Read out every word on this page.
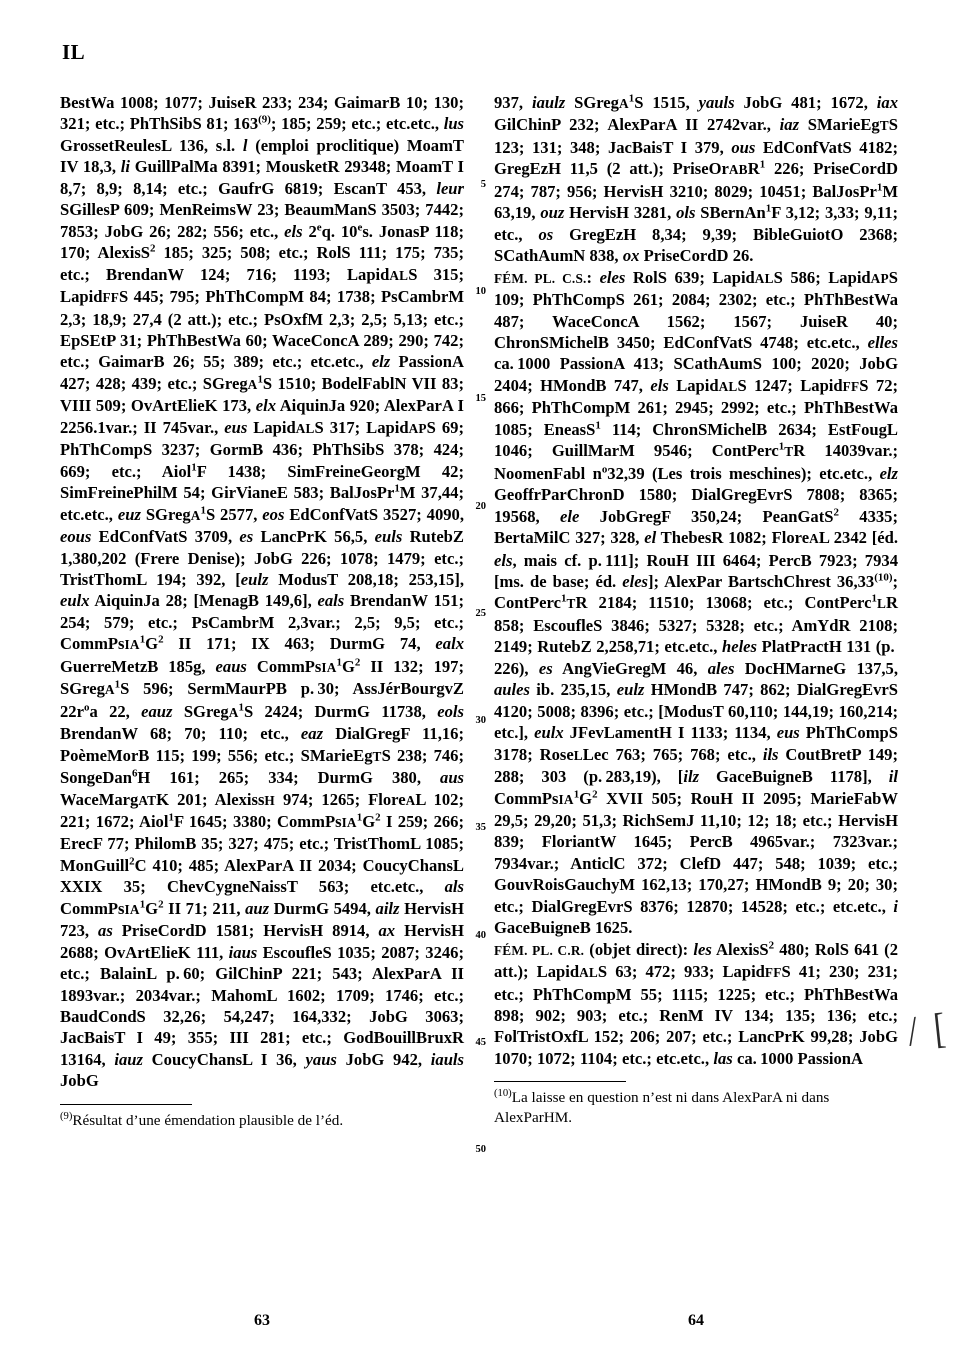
IL
5
10
15
20
25
30
35
40
45
50
BestWa 1008; 1077; JuiseR 233; 234; GaimarB 10; 130; 321; etc.; PhThSibS 81; 163$^{(9)}$; 185; 259; etc.; etc.etc., lus GrossetReulesL 136, s.l. l (emploi proclitique) MoamT IV 18,3, li GuillPalMa 8391; MousketR 29348; MoamT I 8,7; 8,9; 8,14; etc.; GaufrG 6819; EscanT 453, leur SGillesP 609; MenReimsW 23; BeaumManS 3503; 7442; 7853; JobG 26; 282; 556; etc., els 2eq. 10es. JonasP 118; 170; AlexisS$^2$ 185; 325; 508; etc.; RolS 111; 175; 735; etc.; BrendanW 124; 716; 1193; LapidALS 315; LapidFFS 445; 795; PhThCompM 84; 1738; PsCambrM 2,3; 18,9; 27,4 (2 att.); etc.; PsOxfM 2,3; 2,5; 5,13; etc.; EpSEtP 31; PhThBestWa 60; WaceConcA 289; 290; 742; etc.; GaimarB 26; 55; 389; etc.; etc.etc., elz PassionA 427; 428; 439; etc.; SGregA$^1$S 1510; BodelFablN VII 83; VIII 509; OvArtElieK 173, elx AiquinJa 920; AlexParA I 2256.1var.; II 745var., eus LapidALS 317; LapidAPS 69; PhThCompS 3237; GormB 436; PhThSibS 378; 424; 669; etc.; Aiol$^1$F 1438; SimFreineGeorgM 42; SimFreinePhilM 54; GirVianeE 583; BalJosPr$^1$M 37,44; etc.etc., euz SGregA$^1$S 2577, eos EdConfVatS 3527; 4090, eous EdConfVatS 3709, es LancPrK 56,5, euls RutebZ 1,380,202 (Frere Denise); JobG 226; 1078; 1479; etc.; TristThomL 194; 392, [eulz ModusT 208,18; 253,15], eulx AiquinJa 28; [MenagB 149,6], eals BrendanW 151; 254; 579; etc.; PsCambrM 2,3var.; 2,5; 9,5; etc.; $CommPsIA^1G^2$ II 171; IX 463; DurmG 74, ealx GuerreMetzB 185g, eaus $CommPsIA^1G^2$ II 132; 197; SGregA$^1$S 596; SermMaurPB p. 30; AssJérBourgvZ $22r^oa$ 22, eauz SGregA$^1$S 2424; DurmG 11738, eols BrendanW 68; 70; 110; etc., eaz DialGregF 11,16; PoèmeMorB 115; 199; 556; etc.; SMarieEgTS 238; 746; SongeDan$^6$H 161; 265; 334; DurmG 380, aus WaceMargATK 201; AlexissH 974; 1265; FloreAL 102; 221; 1672; Aiol$^1$F 1645; 3380; $CommPsIA^1G^2$ I 259; 266; ErecF 77; PhilomB 35; 327; 475; etc.; TristThomL 1085; MonGuill$^2$C 410; 485; AlexParA II 2034; CoucyChansL XXIX 35; ChevCygneNaissT 563; etc.etc., als $CommPsIA^1G^2$ II 71; 211, auz DurmG 5494, ailz HervisH 723, as PriseCordD 1581; HervisH 8914, ax HervisH 2688; OvArtElieK 111, iaus EscoufleS 1035; 2087; 3246; etc.; BalainL p. 60; GilChinP 221; 543; AlexParA II 1893var.; 2034var.; MahomL 1602; 1709; 1746; etc.; BaudCondS 32,26; 54,247; 164,332; JobG 3063; JacBaisT I 49; 355; III 281; etc.; GodBouillBruxR 13164, iauz CoucyChansL I 36, yaus JobG 942, iauls JobG
$^{(9)}$Résultat d’une émendation plausible de l’éd.
937, iaulz SGregA$^1$S 1515, yauls JobG 481; 1672, iax GilChinP 232; AlexParA II 2742var., iaz SMarieEgTS 123; 131; 348; JacBaisT I 379, ous EdConfVatS 4182; GregEzH 11,5 (2 att.); PriseOrABR$^1$ 226; PriseCordD 274; 787; 956; HervisH 3210; 8029; 10451; BalJosPr$^1$M 63,19, ouz HervisH 3281, ols SBernAn$^1$F 3,12; 3,33; 9,11; etc., os GregEzH 8,34; 9,39; BibleGuiotO 2368; SCathAumN 838, ox PriseCordD 26.
FÉM. PL. C.S.: eles RolS 639; LapidALS 586; LapidAPS 109; PhThCompS 261; 2084; 2302; etc.; PhThBestWa 487; WaceConcA 1562; 1567; JuiseR 40; ChronSMichelB 3450; EdConfVatS 4748; etc.etc., elles ca. 1000 PassionA 413; SCathAumS 100; 2020; JobG 2404; HMondB 747, els LapidALS 1247; LapidFFS 72; 866; PhThCompM 261; 2945; 2992; etc.; PhThBestWa 1085; EneasS$^1$ 114; ChronSMichelB 2634; EstFougL 1046; GuillMarM 9546; ContPerc$^1$TR 14039var.; NoomenFabl $n^o32,39$ (Les trois meschines); etc.etc., elz GeoffrParChronD 1580; DialGregEvrS 7808; 8365; 19568, ele JobGregF 350,24; PeanGatS$^2$ 4335; BertaMilC 327; 328, el ThebesR 1082; FloreAL 2342 [éd. els, mais cf. p. 111]; RouH III 6464; PercB 7923; 7934 [ms. de base; éd. eles]; AlexPar BartschChrest 36,33$^{(10)}$; ContPerc$^1$TR 2184; 11510; 13068; etc.; ContPerc$^1$LR 858; EscoufleS 3846; 5327; 5328; etc.; AmYdR 2108; 2149; RutebZ 2,258,71; etc.etc., heles PlatPractH 131 (p. 226), es AngVieGregM 46, ales DocHMarneG 137,5, aules ib. 235,15, eulz HMondB 747; 862; DialGregEvrS 4120; 5008; 8396; etc.; [ModusT 60,110; 144,19; 160,214; etc.], eulx JFevLamentH I 1133; 1134, eus PhThCompS 3178; RoseLLec 763; 765; 768; etc., ils CoutBretP 149; 288; 303 (p. 283,19), [ilz GaceBuigneB 1178], il $CommPsIA^1G^2$ XVII 505; RouH II 2095; MarieFabW 29,5; 29,20; 51,3; RichSemJ 11,10; 12; 18; etc.; HervisH 839; FloriantW 1645; PercB 4965var.; 7323var.; 7934var.; AnticlC 372; ClefD 447; 548; 1039; etc.; GouvRoisGauchyM 162,13; 170,27; HMondB 9; 20; 30; etc.; DialGregEvrS 8376; 12870; 14528; etc.; etc.etc., i GaceBuigneB 1625.
FÉM. PL. C.R. (objet direct): les AlexisS$^2$ 480; RolS 641 (2 att.); LapidALS 63; 472; 933; LapidFFS 41; 230; 231; etc.; PhThCompM 55; 1115; 1225; etc.; PhThBestWa 898; 902; 903; etc.; RenM IV 134; 135; 136; etc.; FolTristOxfL 152; 206; 207; etc.; LancPrK 99,28; JobG 1070; 1072; 1104; etc.; etc.etc., las ca. 1000 PassionA
$^{(10)}$La laisse en question n’est ni dans AlexParA ni dans AlexParHM.
/ [
63	64
